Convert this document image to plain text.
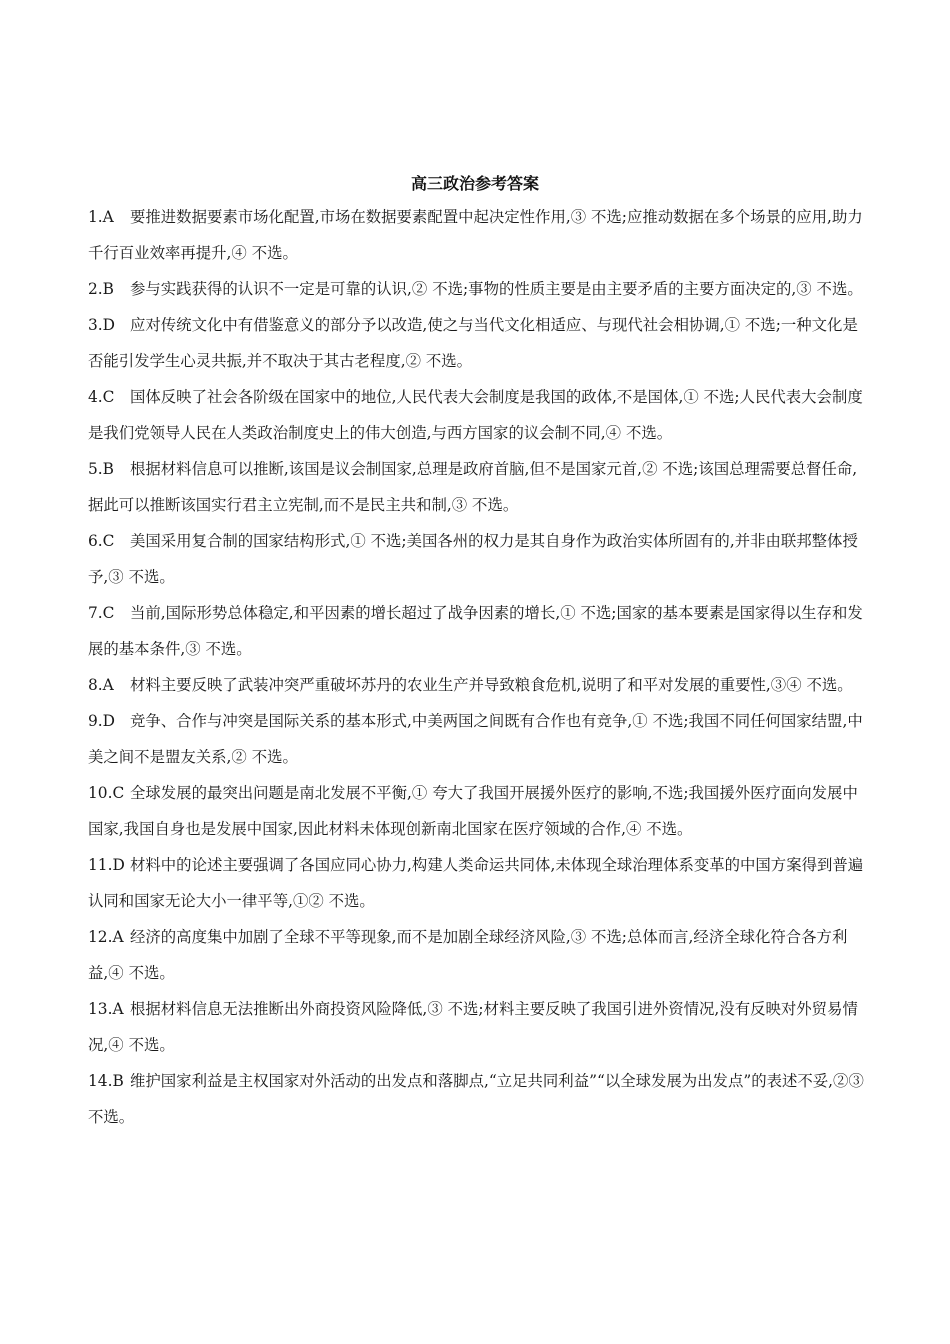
高三政治参考答案

1.A 要推进数据要素市场化配置,市场在数据要素配置中起决定性作用,③ 不选;应推动数据在多个场景的应用,助力千行百业效率再提升,④ 不选。

2.B 参与实践获得的认识不一定是可靠的认识,② 不选;事物的性质主要是由主要矛盾的主要方面决定的,③ 不选。

3.D 应对传统文化中有借鉴意义的部分予以改造,使之与当代文化相适应、与现代社会相协调,① 不选;一种文化是否能引发学生心灵共振,并不取决于其古老程度,② 不选。

4.C 国体反映了社会各阶级在国家中的地位,人民代表大会制度是我国的政体,不是国体,① 不选;人民代表大会制度是我们党领导人民在人类政治制度史上的伟大创造,与西方国家的议会制不同,④ 不选。

5.B 根据材料信息可以推断,该国是议会制国家,总理是政府首脑,但不是国家元首,② 不选;该国总理需要总督任命,据此可以推断该国实行君主立宪制,而不是民主共和制,③ 不选。

6.C 美国采用复合制的国家结构形式,① 不选;美国各州的权力是其自身作为政治实体所固有的,并非由联邦整体授予,③ 不选。

7.C 当前,国际形势总体稳定,和平因素的增长超过了战争因素的增长,① 不选;国家的基本要素是国家得以生存和发展的基本条件,③ 不选。

8.A 材料主要反映了武装冲突严重破坏苏丹的农业生产并导致粮食危机,说明了和平对发展的重要性,③④ 不选。

9.D 竞争、合作与冲突是国际关系的基本形式,中美两国之间既有合作也有竞争,① 不选;我国不同任何国家结盟,中美之间不是盟友关系,② 不选。

10.C 全球发展的最突出问题是南北发展不平衡,① 夸大了我国开展援外医疗的影响,不选;我国援外医疗面向发展中国家,我国自身也是发展中国家,因此材料未体现创新南北国家在医疗领域的合作,④ 不选。

11.D 材料中的论述主要强调了各国应同心协力,构建人类命运共同体,未体现全球治理体系变革的中国方案得到普遍认同和国家无论大小一律平等,①② 不选。

12.A 经济的高度集中加剧了全球不平等现象,而不是加剧全球经济风险,③ 不选;总体而言,经济全球化符合各方利益,④ 不选。

13.A 根据材料信息无法推断出外商投资风险降低,③ 不选;材料主要反映了我国引进外资情况,没有反映对外贸易情况,④ 不选。

14.B 维护国家利益是主权国家对外活动的出发点和落脚点,“立足共同利益”“以全球发展为出发点”的表述不妥,②③ 不选。
